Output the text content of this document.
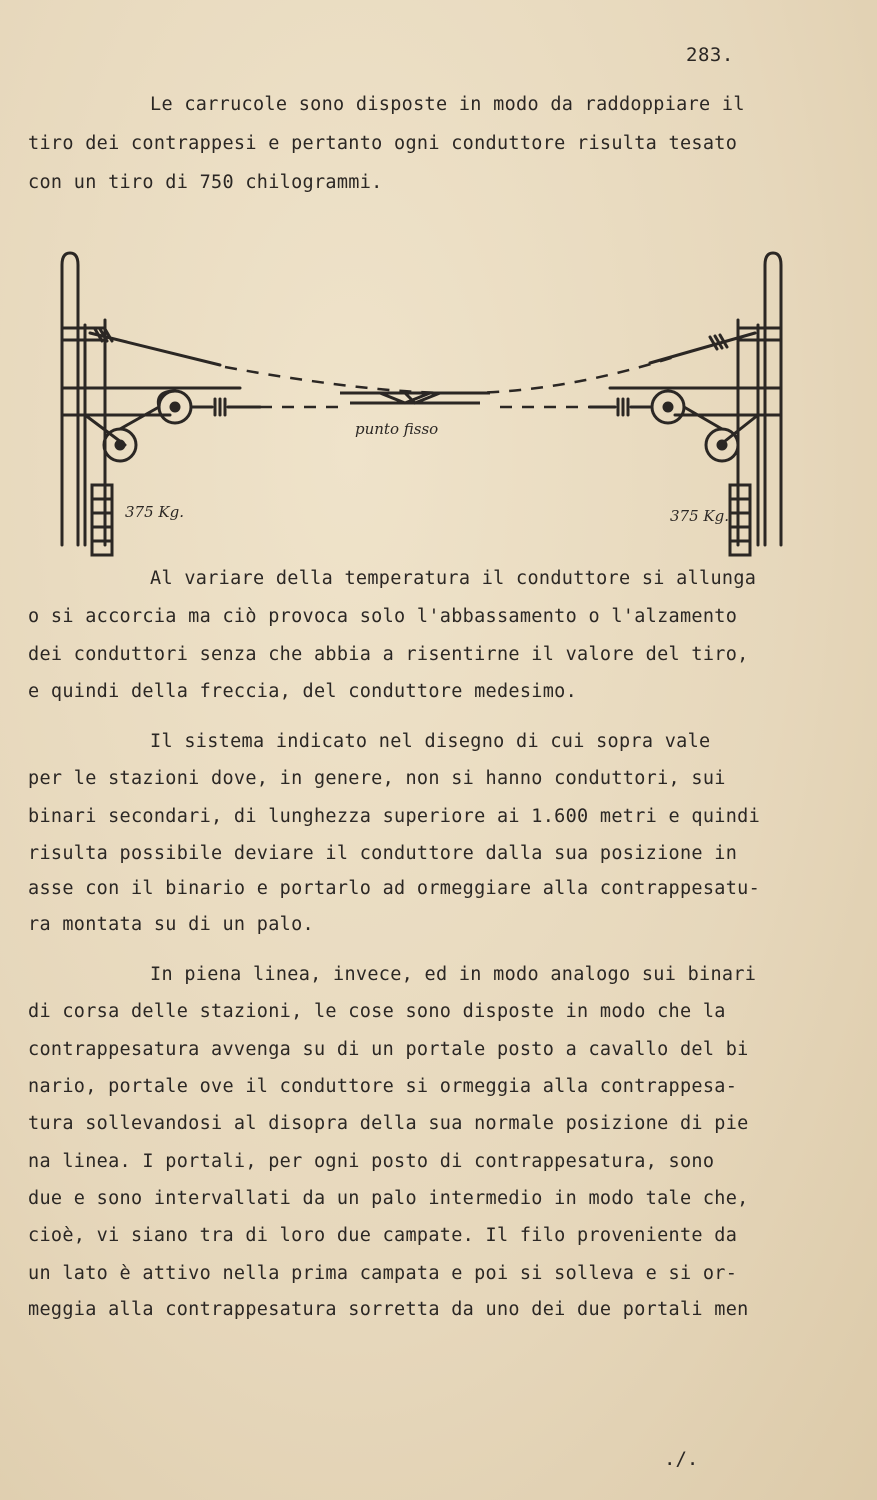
283.
Le carrucole sono disposte in modo da raddoppiare il
tiro dei contrappesi e pertanto ogni conduttore risulta tesato
con un tiro di 750 chilogrammi.
375 Kg.	375 Kg.
punto fisso
Al variare della temperatura il conduttore si allunga
o si accorcia ma ciò provoca solo l'abbassamento o l'alzamento
dei conduttori senza che abbia a risentirne il valore del tiro,
e quindi della freccia, del conduttore medesimo.
Il sistema indicato nel disegno di cui sopra vale
per le stazioni dove, in genere, non si hanno conduttori, sui
binari secondari, di lunghezza superiore ai 1.600 metri e quindi
risulta possibile deviare il conduttore dalla sua posizione in
asse con il binario e portarlo ad ormeggiare alla contrappesatu-
ra montata su di un palo.
In piena linea, invece, ed in modo analogo sui binari
di corsa delle stazioni, le cose sono disposte in modo che la
contrappesatura avvenga su di un portale posto a cavallo del bi
nario, portale ove il conduttore si ormeggia alla contrappesa-
tura sollevandosi al disopra della sua normale posizione di pie
na linea. I portali, per ogni posto di contrappesatura, sono
due e sono intervallati da un palo intermedio in modo tale che,
cioè, vi siano tra di loro due campate. Il filo proveniente da
un lato è attivo nella prima campata e poi si solleva e si or-
meggia alla contrappesatura sorretta da uno dei due portali men
./.
